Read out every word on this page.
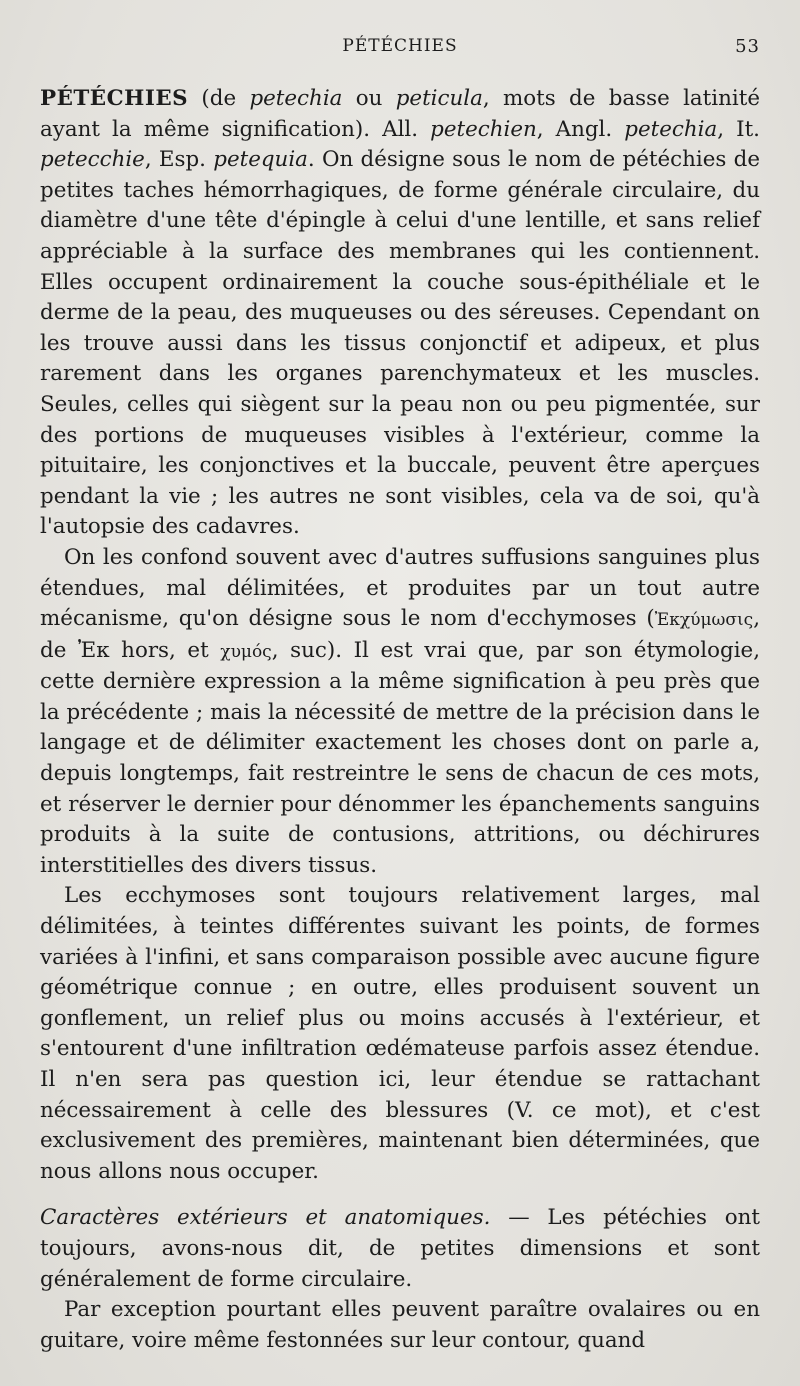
PÉTÉCHIES	53

PÉTÉCHIES (de petechia ou peticula, mots de basse latinité ayant la même signification). All. petechien, Angl. petechia, It. petecchie, Esp. petequia. On désigne sous le nom de pétéchies de petites taches hémorrhagiques, de forme générale circulaire, du diamètre d'une tête d'épingle à celui d'une lentille, et sans relief appréciable à la surface des membranes qui les contiennent. Elles occupent ordinairement la couche sous-épithéliale et le derme de la peau, des muqueuses ou des séreuses. Cependant on les trouve aussi dans les tissus conjonctif et adipeux, et plus rarement dans les organes parenchymateux et les muscles. Seules, celles qui siègent sur la peau non ou peu pigmentée, sur des portions de muqueuses visibles à l'extérieur, comme la pituitaire, les conjonctives et la buccale, peuvent être aperçues pendant la vie ; les autres ne sont visibles, cela va de soi, qu'à l'autopsie des cadavres.

On les confond souvent avec d'autres suffusions sanguines plus étendues, mal délimitées, et produites par un tout autre mécanisme, qu'on désigne sous le nom d'ecchymoses (Ἐκχύμωσις, de Ἐκ hors, et χυμός, suc). Il est vrai que, par son étymologie, cette dernière expression a la même signification à peu près que la précédente ; mais la nécessité de mettre de la précision dans le langage et de délimiter exactement les choses dont on parle a, depuis longtemps, fait restreintre le sens de chacun de ces mots, et réserver le dernier pour dénommer les épanchements sanguins produits à la suite de contusions, attritions, ou déchirures interstitielles des divers tissus.

Les ecchymoses sont toujours relativement larges, mal délimitées, à teintes différentes suivant les points, de formes variées à l'infini, et sans comparaison possible avec aucune figure géométrique connue ; en outre, elles produisent souvent un gonflement, un relief plus ou moins accusés à l'extérieur, et s'entourent d'une infiltration œdémateuse parfois assez étendue. Il n'en sera pas question ici, leur étendue se rattachant nécessairement à celle des blessures (V. ce mot), et c'est exclusivement des premières, maintenant bien déterminées, que nous allons nous occuper.

Caractères extérieurs et anatomiques. — Les pétéchies ont toujours, avons-nous dit, de petites dimensions et sont généralement de forme circulaire.

Par exception pourtant elles peuvent paraître ovalaires ou en guitare, voire même festonnées sur leur contour, quand
